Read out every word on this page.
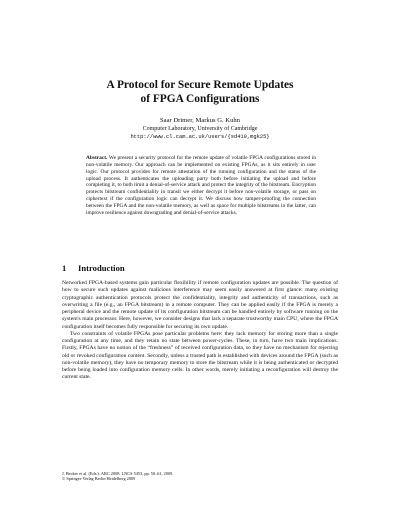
A Protocol for Secure Remote Updates
of FPGA Configurations
Saar Drimer, Markus G. Kuhn
Computer Laboratory, University of Cambridge
http://www.cl.cam.ac.uk/users/{sd410,mgk25}
Abstract. We present a security protocol for the remote update of volatile FPGA configurations stored in non-volatile memory. Our approach can be implemented on existing FPGAs, as it sits entirely in user logic. Our protocol provides for remote attestation of the running configuration and the status of the upload process. It authenticates the uploading party both before initiating the upload and before completing it, to both limit a denial-of-service attack and protect the integrity of the bitstream. Encryption protects bitstream confidentiality in transit we either decrypt it before non-volatile storage, or pass on ciphertext if the configuration logic can decrypt it. We discuss how tamper-proofing the connection between the FPGA and the non-volatile memory, as well as space for multiple bitstreams in the latter, can improve resilience against downgrading and denial-of-service attacks.
1 Introduction

Networked FPGA-based systems gain particular flexibility if remote configuration updates are possible. The question of how to secure such updates against malicious interference may seem easily answered at first glance: many existing cryptographic authentication protocols protect the confidentiality, integrity and authenticity of transactions, such as overwriting a file (e.g., an FPGA bitstream) in a remote computer. They can be applied easily if the FPGA is merely a peripheral device and the remote update of its configuration bitstream can be handled entirely by software running on the system's main processor. Here, however, we consider designs that lack a separate trustworthy main CPU, where the FPGA configuration itself becomes fully responsible for securing its own update.

Two constraints of volatile FPGAs pose particular problems here: they lack memory for storing more than a single configuration at any time, and they retain no state between power-cycles. These, in turn, have two main implications. Firstly, FPGAs have no notion of the “freshness” of received configuration data, so they have no mechanism for rejecting old or revoked configuration content. Secondly, unless a trusted path is established with devices around the FPGA (such as non-volatile memory), they have no temporary memory to store the bitstream while it is being authenticated or decrypted before being loaded into configuration memory cells. In other words, merely initiating a reconfiguration will destroy the current state.

J. Becker et al. (Eds.): ARC 2008, LNCS 5453, pp. 50–61, 2009.
© Springer-Verlag Berlin Heidelberg 2009
